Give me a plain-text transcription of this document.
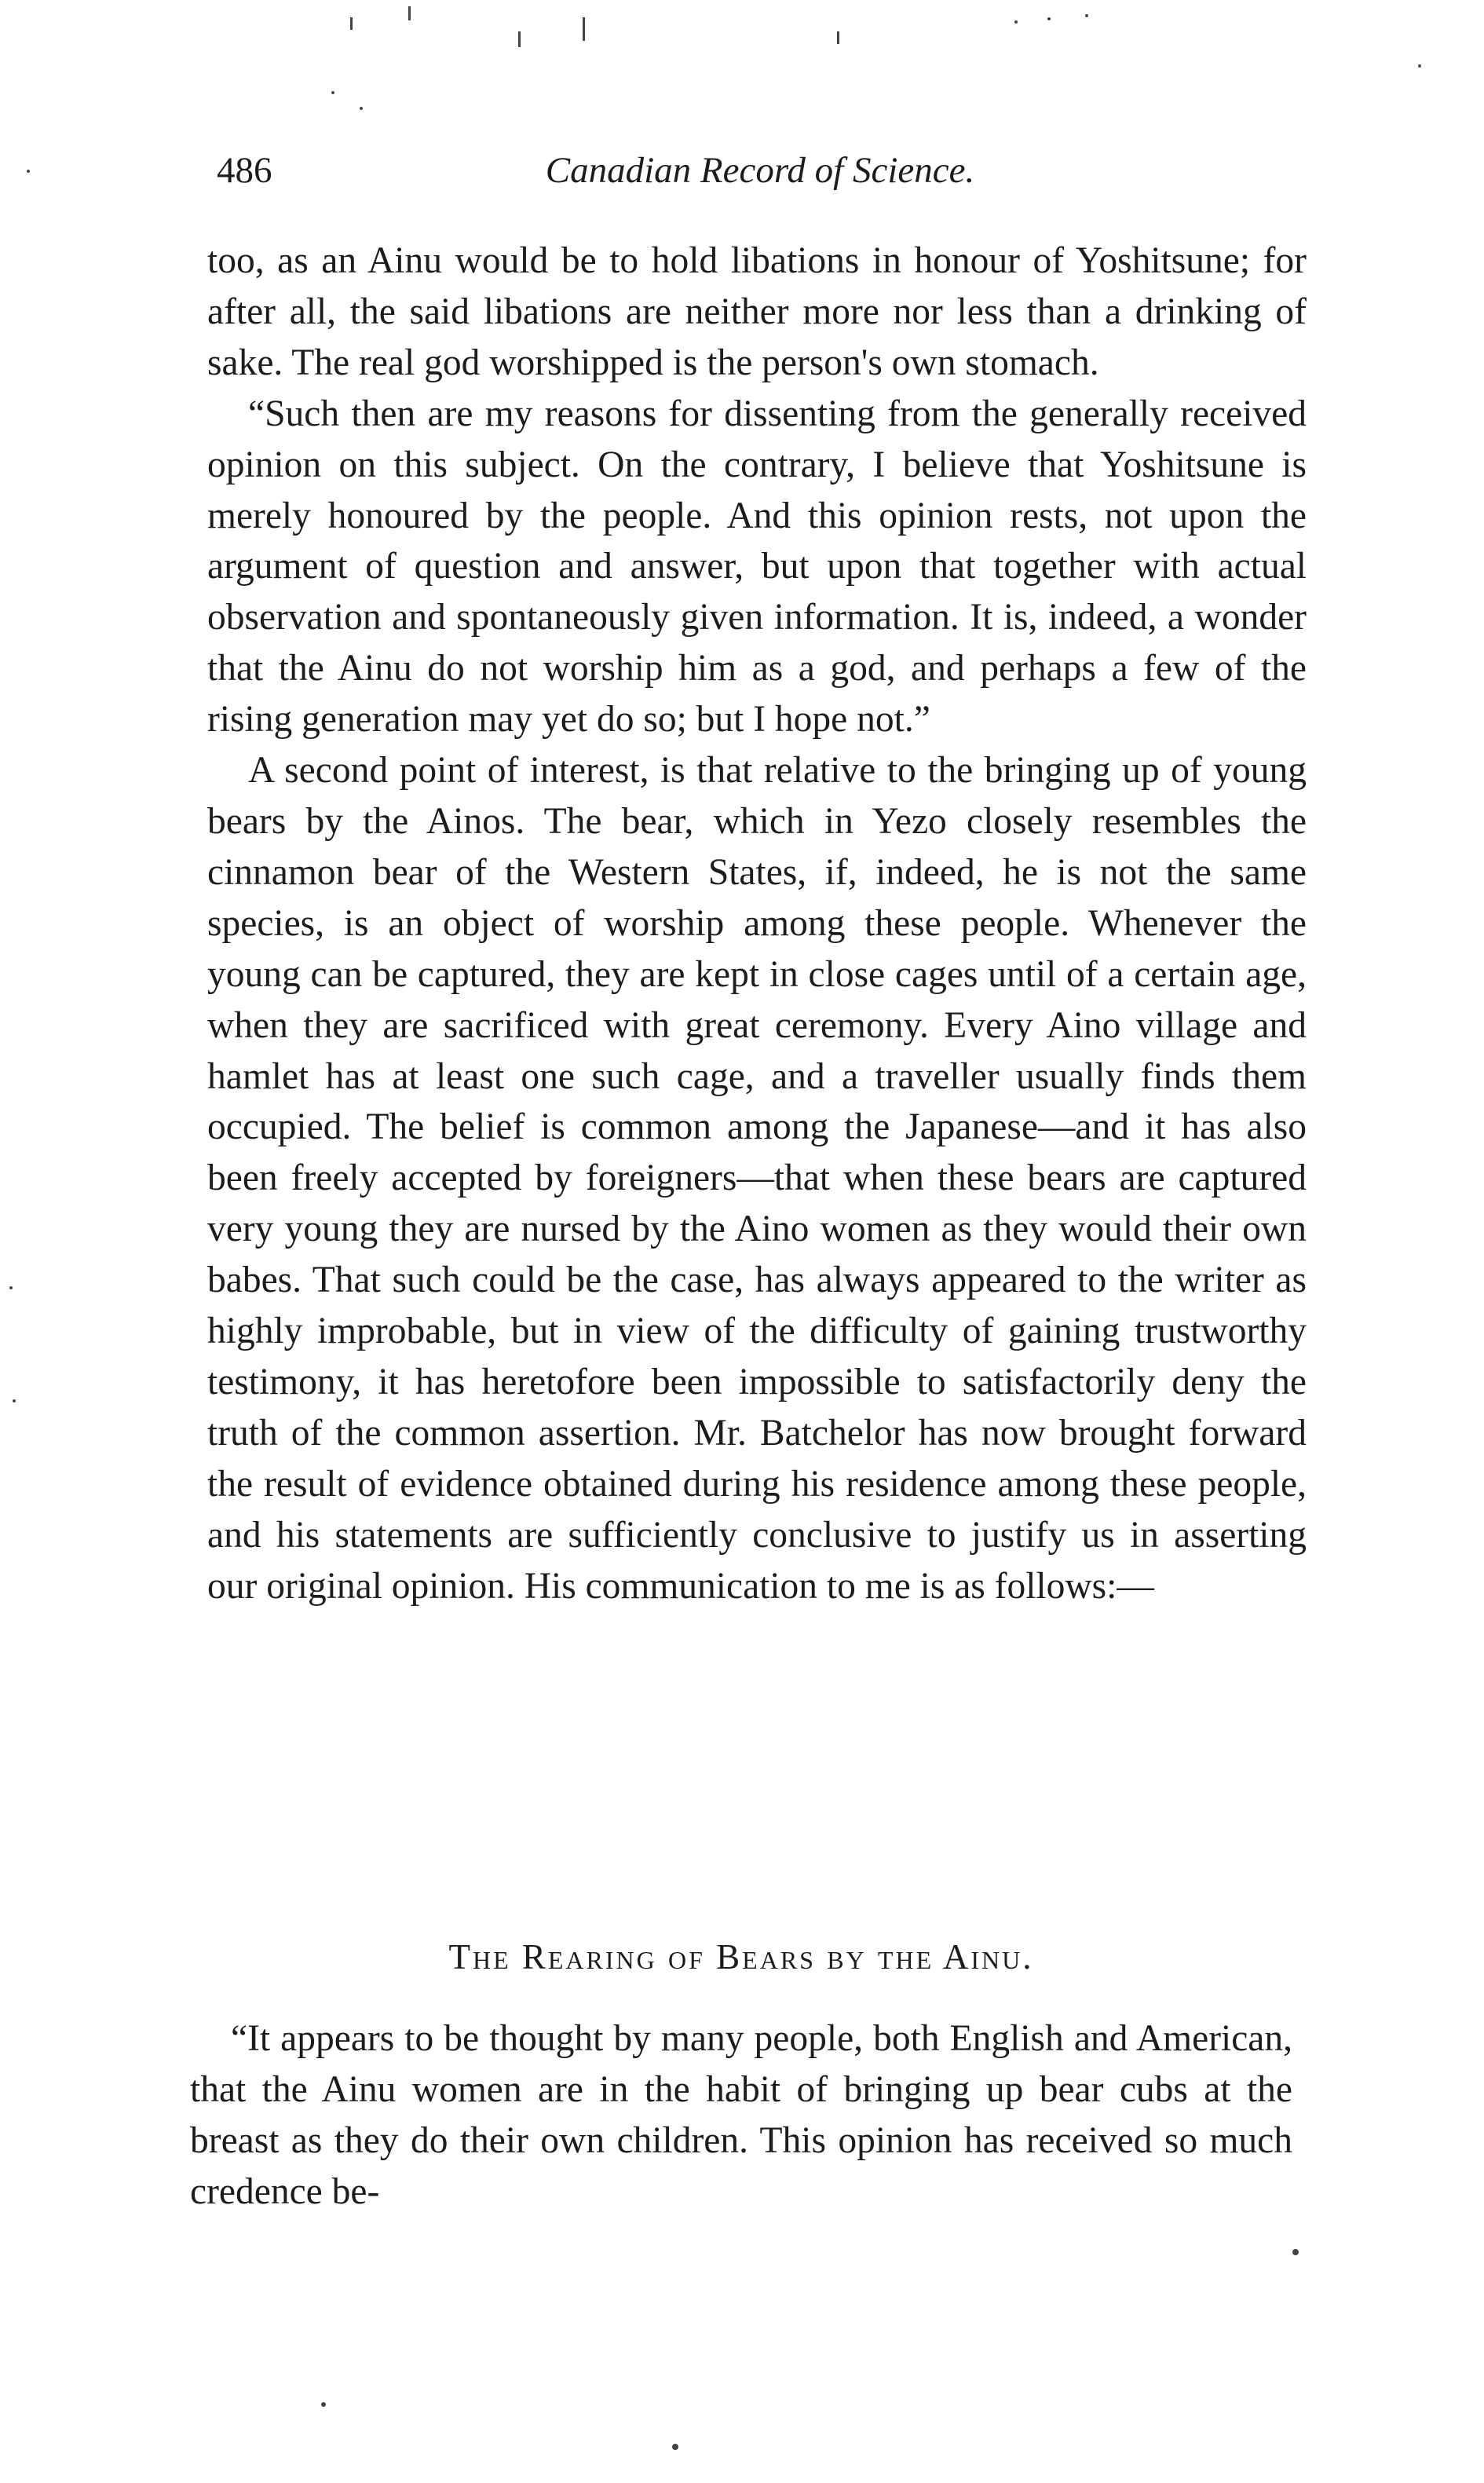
486	Canadian Record of Science.

too, as an Ainu would be to hold libations in honour of Yoshitsune; for after all, the said libations are neither more nor less than a drinking of sake. The real god worshipped is the person's own stomach.

“Such then are my reasons for dissenting from the generally received opinion on this subject. On the contrary, I believe that Yoshitsune is merely honoured by the people. And this opinion rests, not upon the argument of question and answer, but upon that together with actual observation and spontaneously given information. It is, indeed, a wonder that the Ainu do not worship him as a god, and perhaps a few of the rising generation may yet do so; but I hope not.”

A second point of interest, is that relative to the bringing up of young bears by the Ainos. The bear, which in Yezo closely resembles the cinnamon bear of the Western States, if, indeed, he is not the same species, is an object of worship among these people. Whenever the young can be captured, they are kept in close cages until of a certain age, when they are sacrificed with great ceremony. Every Aino village and hamlet has at least one such cage, and a traveller usually finds them occupied. The belief is common among the Japanese—and it has also been freely accepted by foreigners—that when these bears are captured very young they are nursed by the Aino women as they would their own babes. That such could be the case, has always appeared to the writer as highly improbable, but in view of the difficulty of gaining trustworthy testimony, it has heretofore been impossible to satisfactorily deny the truth of the common assertion. Mr. Batchelor has now brought forward the result of evidence obtained during his residence among these people, and his statements are sufficiently conclusive to justify us in asserting our original opinion. His communication to me is as follows:—

The Rearing of Bears by the Ainu.

“It appears to be thought by many people, both English and American, that the Ainu women are in the habit of bringing up bear cubs at the breast as they do their own children. This opinion has received so much credence be-
